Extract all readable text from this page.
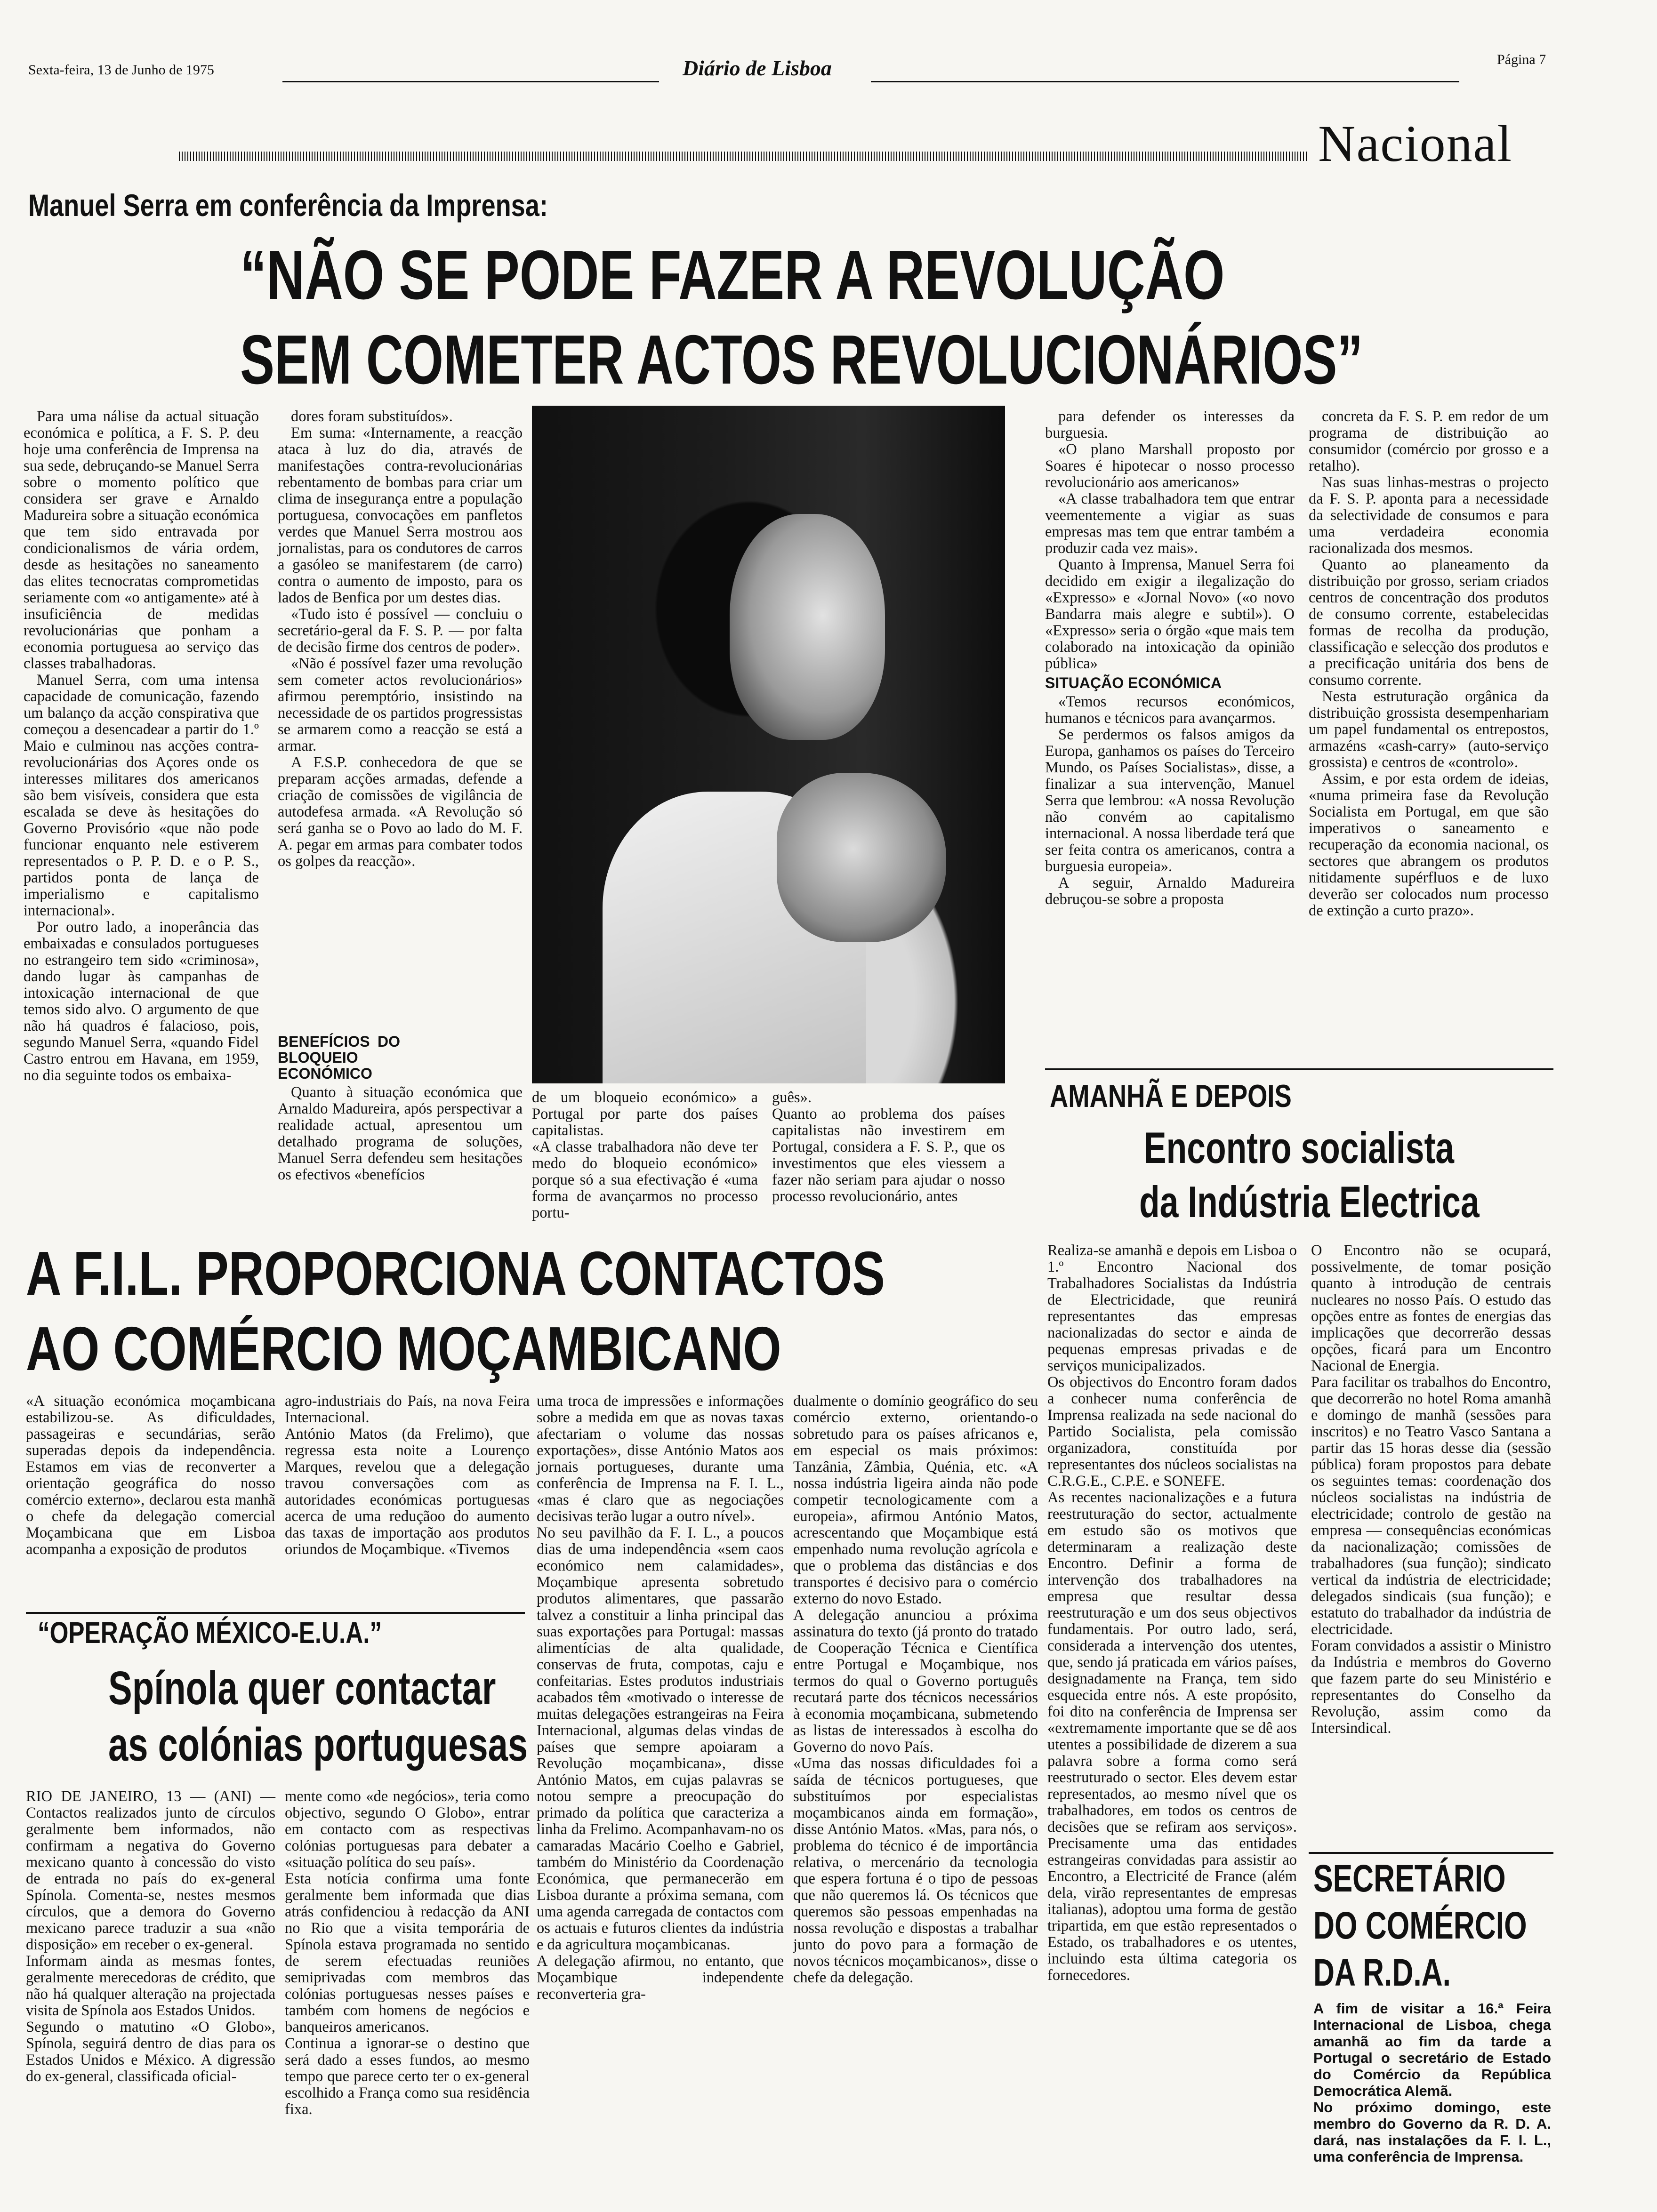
Sexta-feira, 13 de Junho de 1975	Diário de Lisboa	Página 7
Nacional
Manuel Serra em conferência da Imprensa:
“NÃO SE PODE FAZER A REVOLUÇÃO
SEM COMETER ACTOS REVOLUCIONÁRIOS”

Para uma nálise da actual situação económica e política, a F. S. P. deu hoje uma conferência de Imprensa na sua sede, debruçando-se Manuel Serra sobre o momento político que considera ser grave e Arnaldo Madureira sobre a situação económica que tem sido entravada por condicionalismos de vária ordem, desde as hesitações no saneamento das elites tecnocratas comprometidas seriamente com «o antigamente» até à insuficiência de medidas revolucionárias que ponham a economia portuguesa ao serviço das classes trabalhadoras.

Manuel Serra, com uma intensa capacidade de comunicação, fazendo um balanço da acção conspirativa que começou a desencadear a partir do 1.º Maio e culminou nas acções contra-revolucionárias dos Açores onde os interesses militares dos americanos são bem visíveis, considera que esta escalada se deve às hesitações do Governo Provisório «que não pode funcionar enquanto nele estiverem representados o P. P. D. e o P. S., partidos ponta de lança de imperialismo e capitalismo internacional».

Por outro lado, a inoperância das embaixadas e consulados portugueses no estrangeiro tem sido «criminosa», dando lugar às campanhas de intoxicação internacional de que temos sido alvo. O argumento de que não há quadros é falacioso, pois, segundo Manuel Serra, «quando Fidel Castro entrou em Havana, em 1959, no dia seguinte todos os embaixa-

dores foram substituídos».

Em suma: «Internamente, a reacção ataca à luz do dia, através de manifestações contra-revolucionárias rebentamento de bombas para criar um clima de insegurança entre a população portuguesa, convocações em panfletos verdes que Manuel Serra mostrou aos jornalistas, para os condutores de carros a gasóleo se manifestarem (de carro) contra o aumento de imposto, para os lados de Benfica por um destes dias.

«Tudo isto é possível — concluiu o secretário-geral da F. S. P. — por falta de decisão firme dos centros de poder».

«Não é possível fazer uma revolução sem cometer actos revolucionários» afirmou peremptório, insistindo na necessidade de os partidos progressistas se armarem como a reacção se está a armar.

A F.S.P. conhecedora de que se preparam acções armadas, defende a criação de comissões de vigilância de autodefesa armada. «A Revolução só será ganha se o Povo ao lado do M. F. A. pegar em armas para combater todos os golpes da reacção».

BENEFÍCIOS DO BLOQUEIO ECONÓMICO

Quanto à situação económica que Arnaldo Madureira, após perspectivar a realidade actual, apresentou um detalhado programa de soluções, Manuel Serra defendeu sem hesitações os efectivos «benefícios

de um bloqueio económico» a Portugal por parte dos países capitalistas.
«A classe trabalhadora não deve ter medo do bloqueio económico» porque só a sua efectivação é «uma forma de avançarmos no processo portu-
guês».
Quanto ao problema dos países capitalistas não investirem em Portugal, considera a F. S. P., que os investimentos que eles viessem a fazer não seriam para ajudar o nosso processo revolucionário, antes

para defender os interesses da burguesia.

«O plano Marshall proposto por Soares é hipotecar o nosso processo revolucionário aos americanos»

«A classe trabalhadora tem que entrar veementemente a vigiar as suas empresas mas tem que entrar também a produzir cada vez mais».

Quanto à Imprensa, Manuel Serra foi decidido em exigir a ilegalização do «Expresso» e «Jornal Novo» («o novo Bandarra mais alegre e subtil»). O «Expresso» seria o órgão «que mais tem colaborado na intoxicação da opinião pública»

SITUAÇÃO ECONÓMICA

«Temos recursos económicos, humanos e técnicos para avançarmos.

Se perdermos os falsos amigos da Europa, ganhamos os países do Terceiro Mundo, os Países Socialistas», disse, a finalizar a sua intervenção, Manuel Serra que lembrou: «A nossa Revolução não convém ao capitalismo internacional. A nossa liberdade terá que ser feita contra os americanos, contra a burguesia europeia».

A seguir, Arnaldo Madureira debruçou-se sobre a proposta

concreta da F. S. P. em redor de um programa de distribuição ao consumidor (comércio por grosso e a retalho).

Nas suas linhas-mestras o projecto da F. S. P. aponta para a necessidade da selectividade de consumos e para uma verdadeira economia racionalizada dos mesmos.

Quanto ao planeamento da distribuição por grosso, seriam criados centros de concentração dos produtos de consumo corrente, estabelecidas formas de recolha da produção, classificação e selecção dos produtos e a precificação unitária dos bens de consumo corrente.

Nesta estruturação orgânica da distribuição grossista desempenhariam um papel fundamental os entrepostos, armazéns «cash-carry» (auto-serviço grossista) e centros de «controlo».

Assim, e por esta ordem de ideias, «numa primeira fase da Revolução Socialista em Portugal, em que são imperativos o saneamento e recuperação da economia nacional, os sectores que abrangem os produtos nitidamente supérfluos e de luxo deverão ser colocados num processo de extinção a curto prazo».

A F.I.L. PROPORCIONA CONTACTOS
AO COMÉRCIO MOÇAMBICANO
«A situação económica moçambicana estabilizou-se. As dificuldades, passageiras e secundárias, serão superadas depois da independência. Estamos em vias de reconverter a orientação geográfica do nosso comércio externo», declarou esta manhã o chefe da delegação comercial Moçambicana que em Lisboa acompanha a exposição de produtos
agro-industriais do País, na nova Feira Internacional.
António Matos (da Frelimo), que regressa esta noite a Lourenço Marques, revelou que a delegação travou conversações com as autoridades económicas portuguesas acerca de uma reduçãoo do aumento das taxas de importação aos produtos oriundos de Moçambique. «Tivemos
uma troca de impressões e informações sobre a medida em que as novas taxas afectariam o volume das nossas exportações», disse António Matos aos jornais portugueses, durante uma conferência de Imprensa na F. I. L., «mas é claro que as negociações decisivas terão lugar a outro nível».
No seu pavilhão da F. I. L., a poucos dias de uma independência «sem caos económico nem calamidades», Moçambique apresenta sobretudo produtos alimentares, que passarão talvez a constituir a linha principal das suas exportações para Portugal: massas alimentícias de alta qualidade, conservas de fruta, compotas, caju e confeitarias. Estes produtos industriais acabados têm «motivado o interesse de muitas delegações estrangeiras na Feira Internacional, algumas delas vindas de países que sempre apoiaram a Revolução moçambicana», disse António Matos, em cujas palavras se notou sempre a preocupação do primado da política que caracteriza a linha da Frelimo. Acompanhavam-no os camaradas Macário Coelho e Gabriel, também do Ministério da Coordenação Económica, que permanecerão em Lisboa durante a próxima semana, com uma agenda carregada de contactos com os actuais e futuros clientes da indústria e da agricultura moçambicanas.
A delegação afirmou, no entanto, que Moçambique independente reconverteria gra-
dualmente o domínio geográfico do seu comércio externo, orientando-o sobretudo para os países africanos e, em especial os mais próximos: Tanzânia, Zâmbia, Quénia, etc. «A nossa indústria ligeira ainda não pode competir tecnologicamente com a europeia», afirmou António Matos, acrescentando que Moçambique está empenhado numa revolução agrícola e que o problema das distâncias e dos transportes é decisivo para o comércio externo do novo Estado.
A delegação anunciou a próxima assinatura do texto (já pronto do tratado de Cooperação Técnica e Científica entre Portugal e Moçambique, nos termos do qual o Governo português recutará parte dos técnicos necessários à economia moçambicana, submetendo as listas de interessados à escolha do Governo do novo País.
«Uma das nossas dificuldades foi a saída de técnicos portugueses, que substituímos por especialistas moçambicanos ainda em formação», disse António Matos. «Mas, para nós, o problema do técnico é de importância relativa, o mercenário da tecnologia que espera fortuna é o tipo de pessoas que não queremos lá. Os técnicos que queremos são pessoas empenhadas na nossa revolução e dispostas a trabalhar junto do povo para a formação de novos técnicos moçambicanos», disse o chefe da delegação.
“OPERAÇÃO MÉXICO-E.U.A.”
Spínola quer contactar
as colónias portuguesas
RIO DE JANEIRO, 13 — (ANI) — Contactos realizados junto de círculos geralmente bem informados, não confirmam a negativa do Governo mexicano quanto à concessão do visto de entrada no país do ex-general Spínola. Comenta-se, nestes mesmos círculos, que a demora do Governo mexicano parece traduzir a sua «não disposição» em receber o ex-general.
Informam ainda as mesmas fontes, geralmente merecedoras de crédito, que não há qualquer alteração na projectada visita de Spínola aos Estados Unidos.
Segundo o matutino «O Globo», Spínola, seguirá dentro de dias para os Estados Unidos e México. A digressão do ex-general, classificada oficial-
mente como «de negócios», teria como objectivo, segundo O Globo», entrar em contacto com as respectivas colónias portuguesas para debater a «situação política do seu país».
Esta notícia confirma uma fonte geralmente bem informada que dias atrás confidenciou à redacção da ANI no Rio que a visita temporária de Spínola estava programada no sentido de serem efectuadas reuniões semiprivadas com membros das colónias portuguesas nesses países e também com homens de negócios e banqueiros americanos.
Continua a ignorar-se o destino que será dado a esses fundos, ao mesmo tempo que parece certo ter o ex-general escolhido a França como sua residência fixa.
AMANHÃ E DEPOIS
Encontro socialista
da Indústria Electrica
Realiza-se amanhã e depois em Lisboa o 1.º Encontro Nacional dos Trabalhadores Socialistas da Indústria de Electricidade, que reunirá representantes das empresas nacionalizadas do sector e ainda de pequenas empresas privadas e de serviços municipalizados.
Os objectivos do Encontro foram dados a conhecer numa conferência de Imprensa realizada na sede nacional do Partido Socialista, pela comissão organizadora, constituída por representantes dos núcleos socialistas na C.R.G.E., C.P.E. e SONEFE.
As recentes nacionalizações e a futura reestruturação do sector, actualmente em estudo são os motivos que determinaram a realização deste Encontro. Definir a forma de intervenção dos trabalhadores na empresa que resultar dessa reestruturação e um dos seus objectivos fundamentais. Por outro lado, será, considerada a intervenção dos utentes, que, sendo já praticada em vários países, designadamente na França, tem sido esquecida entre nós. A este propósito, foi dito na conferência de Imprensa ser «extremamente importante que se dê aos utentes a possibilidade de dizerem a sua palavra sobre a forma como será reestruturado o sector. Eles devem estar representados, ao mesmo nível que os trabalhadores, em todos os centros de decisões que se refiram aos serviços». Precisamente uma das entidades estrangeiras convidadas para assistir ao Encontro, a Electricité de France (além dela, virão representantes de empresas italianas), adoptou uma forma de gestão tripartida, em que estão representados o Estado, os trabalhadores e os utentes, incluindo esta última categoria os fornecedores.
O Encontro não se ocupará, possivelmente, de tomar posição quanto à introdução de centrais nucleares no nosso País. O estudo das opções entre as fontes de energias das implicações que decorrerão dessas opções, ficará para um Encontro Nacional de Energia.
Para facilitar os trabalhos do Encontro, que decorrerão no hotel Roma amanhã e domingo de manhã (sessões para inscritos) e no Teatro Vasco Santana a partir das 15 horas desse dia (sessão pública) foram propostos para debate os seguintes temas: coordenação dos núcleos socialistas na indústria de electricidade; controlo de gestão na empresa — consequências económicas da nacionalização; comissões de trabalhadores (sua função); sindicato vertical da indústria de electricidade; delegados sindicais (sua função); e estatuto do trabalhador da indústria de electricidade.
Foram convidados a assistir o Ministro da Indústria e membros do Governo que fazem parte do seu Ministério e representantes do Conselho da Revolução, assim como da Intersindical.
SECRETÁRIO
DO COMÉRCIO
DA R.D.A.
A fim de visitar a 16.ª Feira Internacional de Lisboa, chega amanhã ao fim da tarde a Portugal o secretário de Estado do Comércio da República Democrática Alemã.
No próximo domingo, este membro do Governo da R. D. A. dará, nas instalações da F. I. L., uma conferência de Imprensa.
